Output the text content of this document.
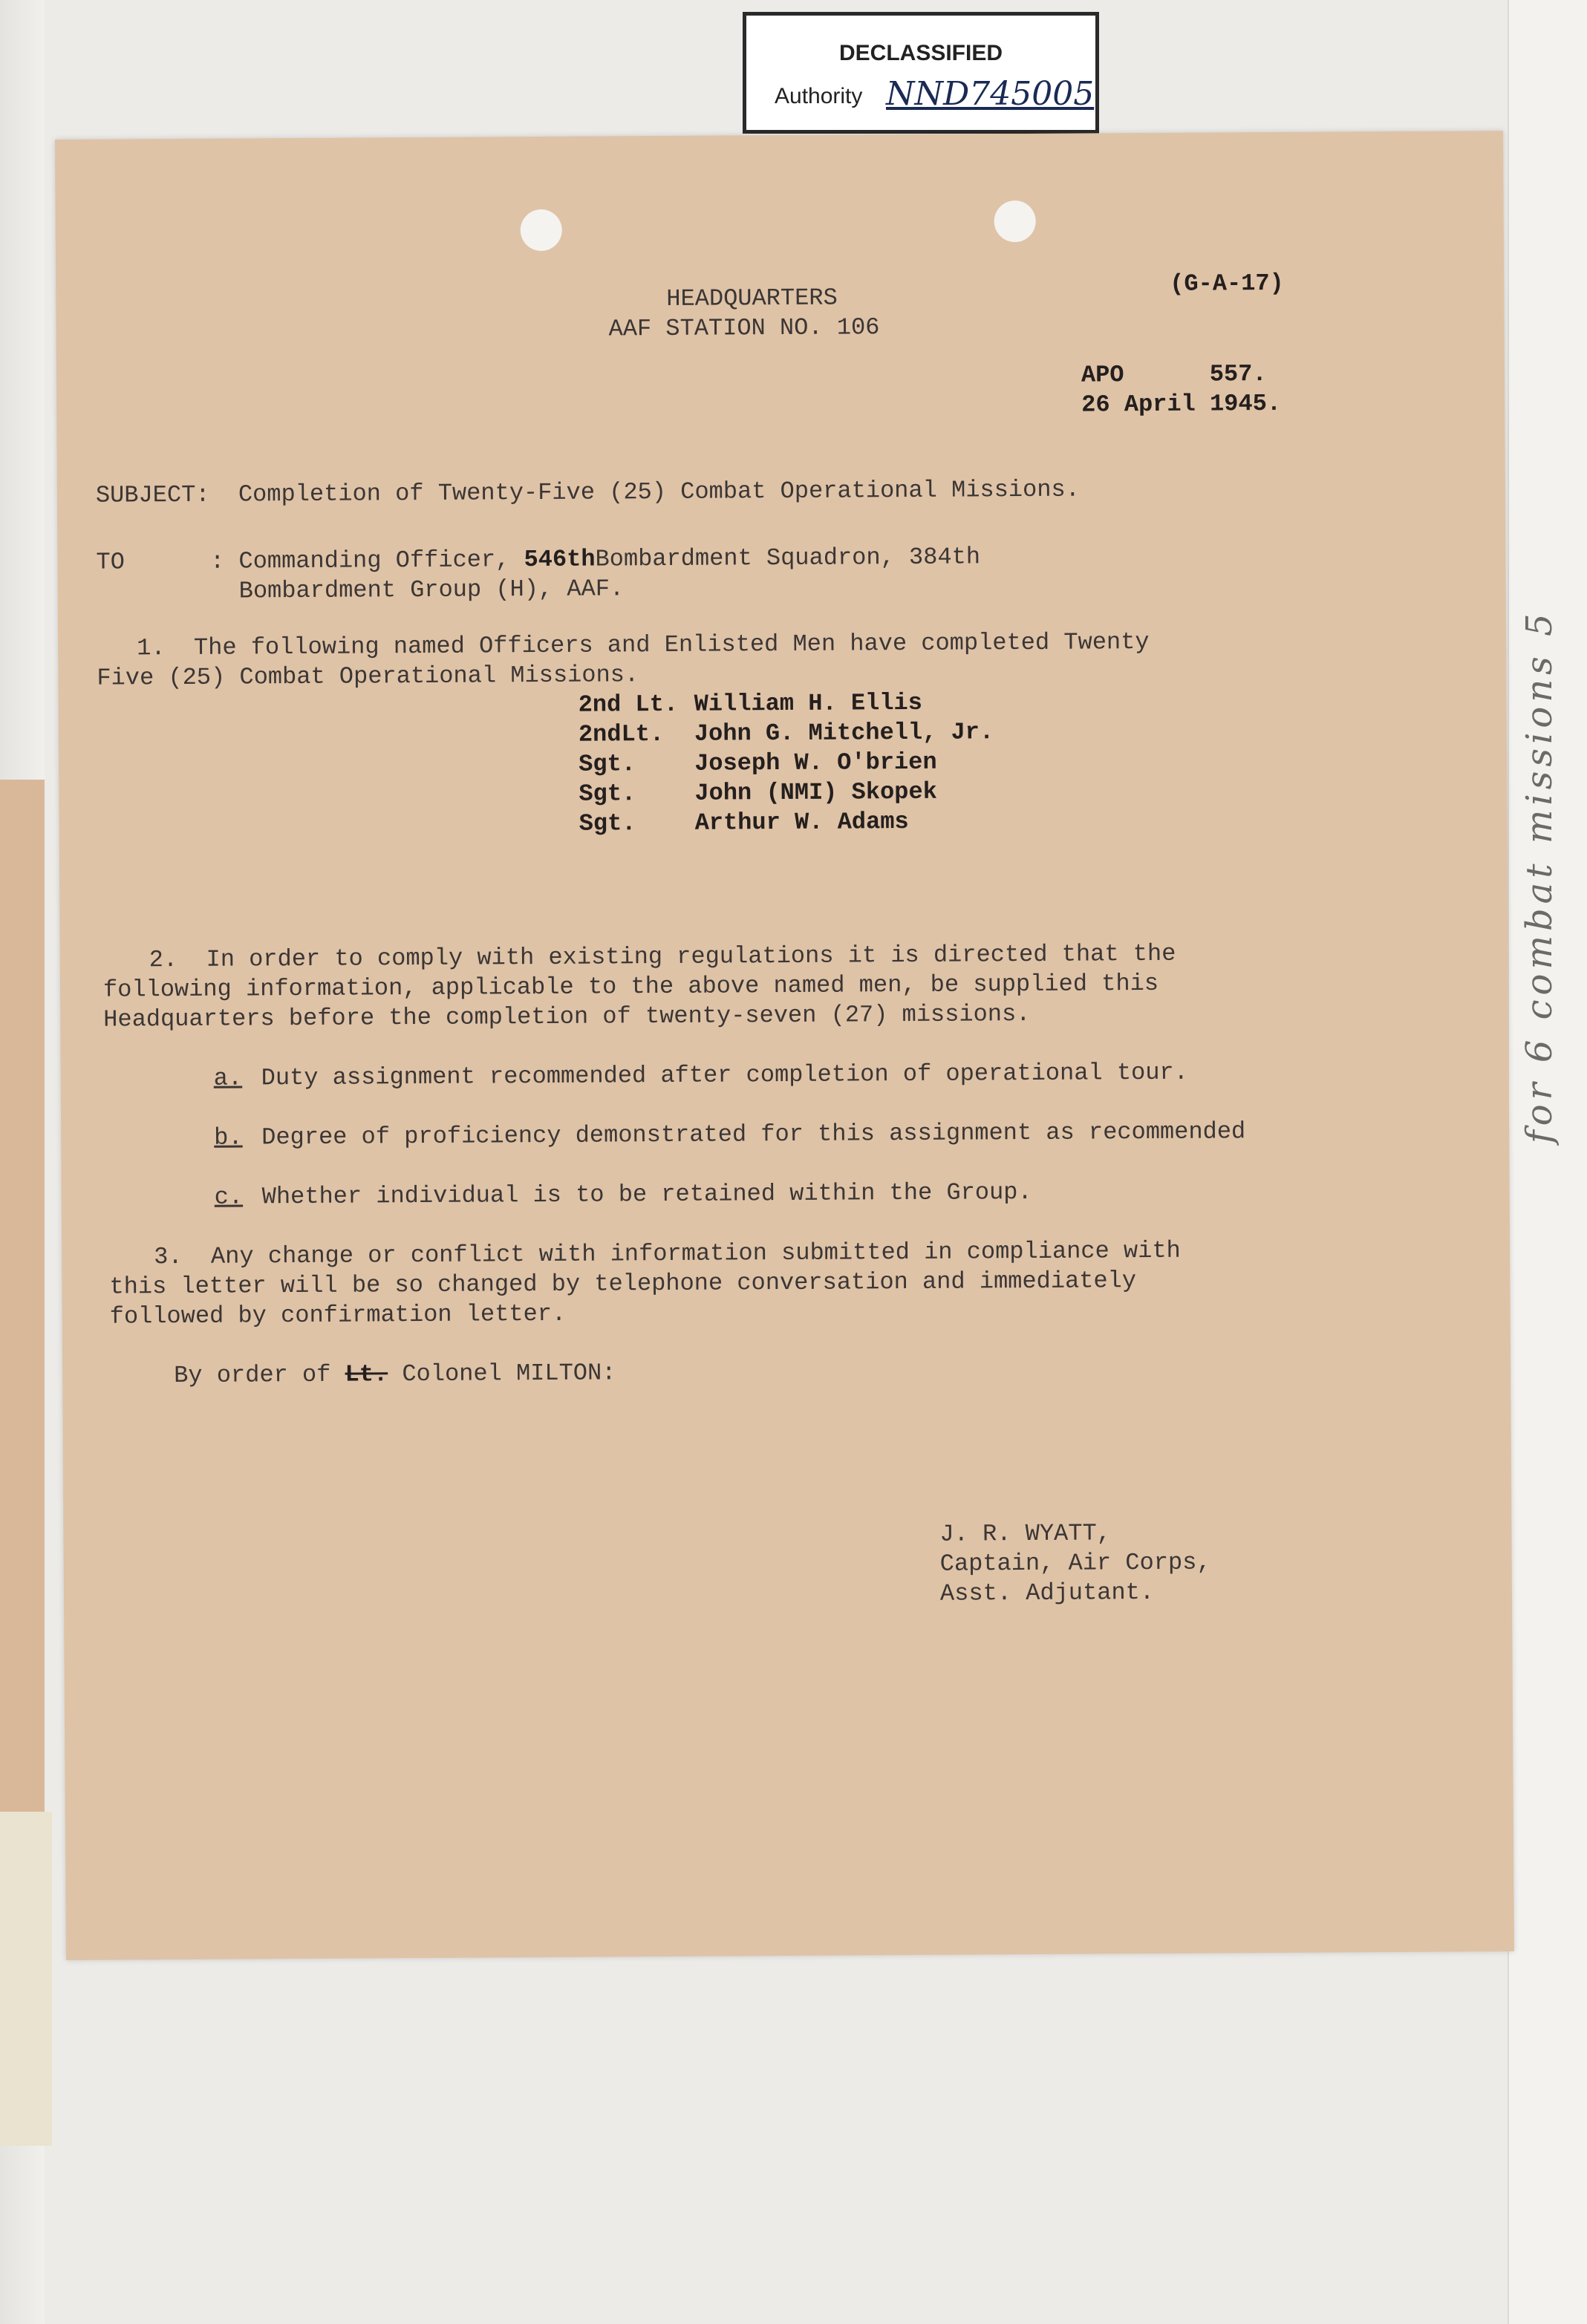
for 6 combat missions 5
DECLASSIFIED
Authority NND745005
HEADQUARTERS
AAF STATION NO. 106
(G-A-17)
APO      557.
26 April 1945.
SUBJECT: Completion of Twenty-Five (25) Combat Operational Missions.
TO      : Commanding Officer, 546thBombardment Squadron, 384th
Bombardment Group (H), AAF.
1.  The following named Officers and Enlisted Men have completed Twenty
Five (25) Combat Operational Missions.
2nd Lt. William H. Ellis
2ndLt. John G. Mitchell, Jr.
Sgt. Joseph W. O'brien
Sgt. John (NMI) Skopek
Sgt. Arthur W. Adams
2.  In order to comply with existing regulations it is directed that the
following information, applicable to the above named men, be supplied this
Headquarters before the completion of twenty-seven (27) missions.
a. Duty assignment recommended after completion of operational tour.
b. Degree of proficiency demonstrated for this assignment as recommended
c. Whether individual is to be retained within the Group.
3.  Any change or conflict with information submitted in compliance with
this letter will be so changed by telephone conversation and immediately
followed by confirmation letter.
By order of Lt. Colonel MILTON:
J. R. WYATT,
Captain, Air Corps,
Asst. Adjutant.
